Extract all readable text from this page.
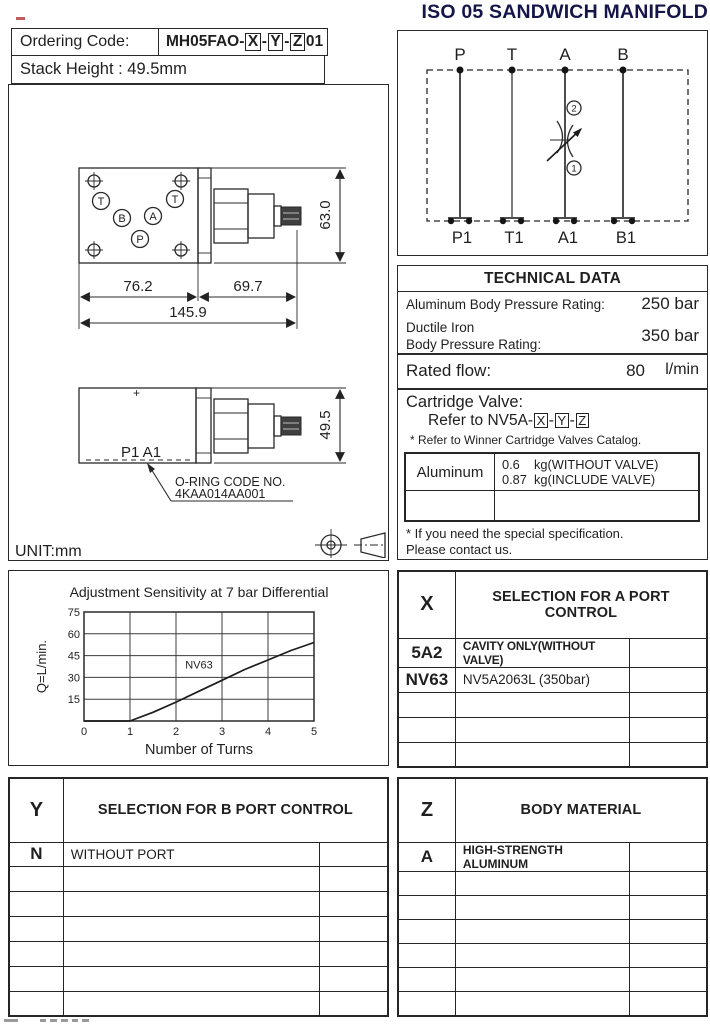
ISO 05 SANDWICH MANIFOLD
Ordering Code:	MH05FAO- X - Y - Z 01
Stack Height : 49.5mm
T	T
B A
P
76.2	69.7
145.9
63.0
+
P1 A1
O-RING CODE NO.
4KAA014AA001
49.5
UNIT:mm
P T A	B
2
1
P1 T1 A1 B1
TECHNICAL DATA
Aluminum Body Pressure Rating: 250 bar
Ductile Iron
Body Pressure Rating:	350 bar
Rated flow:	80 l/min
Cartridge Valve:
Refer to NV5A- X - Y - Z
* Refer to Winner Cartridge Valves Catalog.
Aluminum	0.6 kg(WITHOUT VALVE)
0.87 kg(INCLUDE VALVE)
* If you need the special specification.
Please contact us.
0	1	2	3	4	5
15
30
45
60
75
Adjustment Sensitivity at 7 bar Differential
Number of Turns
Q=L/min.	NV63
X	SELECTION FOR A PORT CONTROL	
5A2	CAVITY ONLY(WITHOUT VALVE)	
NV63	NV5A2063L (350bar)	

Y	SELECTION FOR B PORT CONTROL	
N	WITHOUT PORT	

Z	BODY MATERIAL	
A	HIGH-STRENGTH ALUMINUM	
